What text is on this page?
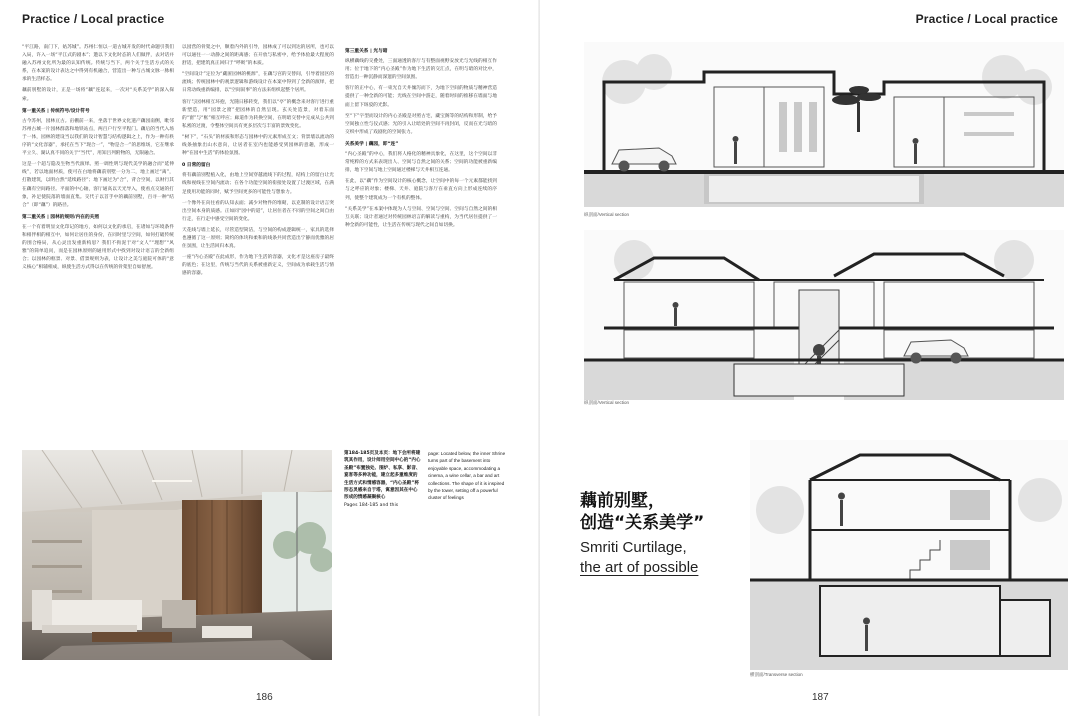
Practice / Local practice

“平江路，南门下，姑苏城”。苏州仁恒以一道古城开发的时代命题引我们入局，许入一场“平江式的剧本”；邀以下文化时态的人们做伴，去对话并融入苏州文化所为最的认知传统。传统与当下，两个关于生活方式的关系，在本案的设计表达之中得到有机融合，营造出一种与古城文脉一脉相承的生活样态。

藕前别墅的设计，正是一场将“藕”连起来，一次对“关系美学”的深入探索。

第一重关系 | 传统符号/设计符号

古今苏州，园林亘古。亩棚前一来，坐落于世界文化遗产藕园南侧，毗邻苏州古城一片园林群落和地铁站点，两百户行至平程门。藕后的当代入场于一体，园林的建设当以我们的设计智慧与结构逻辑之上，作为一种有秩序的“文化容器”，承托在当下“现合一”，“物是合一”的思维场，它在继承平立久、湖认真不同的关于“当代”，用知吕列附物的，无限融合。

这是一个超与隐及生物当代演绎。照一调性明与现代美学的融合而“延伸线”，若以地面材质，使可在白地将藕前别墅一分为二，地上画过“离”，打散建筑，以明白然“延续路径”；地下画过为“合”，背合空间，以财行其在藕有空间路径。平面的中心轴，客厅通高以天光导入，使看点交通的打象，补足使院落的墙面直集。交代子以首手中的藕前别墅，百寻一种“结合”（即“藕”）的路径。

第二重关系 | 园林的规则/内在的关照

在一个有着明显文化印记的地方，如何以文化的承启，在诸如与环境条件和相伴相的相互中，如何让居住的身份，在同时里与空间，如何打破传统的围合格局，从心灵出发重新构思？我们不拘泥于对“文人”“理想”“风雅”的简单追问，而是在园林原则的通用形式中找到对设计语言的全新组合；以园林的框景、对景、借景规则为表，让设计之美与庭院可体的“意义核心”相辅相成，纵使生活方式得以在传统的骨架里自如舒展。

以园营的骨架之中，顺着内外的引导，园林成了可以到达的居所，也可以可以通往一一动静之间的距离感；在开放与私密中，给予体验最大程度的舒适，把建筑真正回归于“呼吸”的本质。

“空间设计”定位为“藏匿园林的桃源”，在藕与宫的交替间，引导着园区的流线；传统园林中的观景逻辑和游线设计在本案中得到了全新的演绎，把日常动线重新编排，以“空间叙事”的方法来组织起整个居所。

客厅与园林相互环抱，光随日移转变，我们以“亭”的概念来对客厅进行重新塑造，用“园景之窗”把园林的自然呈现。玄关处造景，对着东面的“窗”与“框”相互呼应；廊道作为转换空间，在明暗交替中完成从公共到私密的过渡，令整体空间具有更多层次与丰富的景致变化。

“树下”，“石头”的材质和形态与园林中的元素形成互文；背景墙以流动的线条抽象出山水意向，让居者在室内也能感受到园林的意趣，形成一种“在园中生活”的体验氛围。

0 日常的留白

将有藕前别墅植入化，由地上空间穿越流线下的过程，结构上的留白让光线和视线在空间内流动；在各个功能空间的衔接处设置了过渡区域，在满足使用功能的同时，赋予空间更多的可能性与想象力。

一个像外在向往看的认知去面；减少对物件的堆砌，以克制的设计语言突出空间本身的质感。正如同“园中的道”，让居住者在不同的空间之间自由行走，在行走中感受空间的变化。

天花线与墙上延长，尽管造型简洁，与空间的构成逻辑统一，家具的选择也遵循了这一原则；简约的体块和柔和的线条共同营造出宁静而优雅的居住氛围，让生活回归本真。

一座“内心圣殿”在此成形，作为地下生活的容器，文化才是这座房子最终的底色；在这里，传统与当代的关系被重新定义，空间成为承载生活与情感的容器。

第三重关系 | 光与暗

纵横藕线的交叠处，三面通透的客厅与有整面视野安放光与光线的相互作用；位于地下的“内心圣殿”作为地下生活的交汇点，在明与暗的对比中，营造出一种沉静而深邃的空间氛围。

客厅的正中心，有一束光自天井倾泻而下，为地下空间的物质与精神营造提供了一种全新的可能；光线在空间中游走，随着时间的推移在墙面与地面上留下斑驳的光影。

至“下”字型而设计的内心圣殿是对照古宅，藏宝阁等的结构和形制，给予空间独立性与仪式感；光的引入让暗处的空间不再封闭，反而在光与暗的交织中形成了戏剧化的空间张力。

关系美学 | 藕园，即“连”

“内心圣殿”的中心，我们将人格化的精神具象化，在这里，这个空间以非常纯粹的方式来表现出人、空间与自然之间的关系；空间的功能被重新编排，地下空间与地上空间通过楼梯与天井相互连通。

在此，以“藕”作为空间设计的核心概念，让空间中的每一个元素都能找到与之呼应的对象；楼梯、天井、庭院与客厅在垂直方向上形成连续的序列，使整个建筑成为一个有机的整体。

“关系美学”在本案中体现为人与空间、空间与空间、空间与自然之间的相互关联；设计者通过对传统园林语言的解读与重构，为当代居住提供了一种全新的可能性，让生活在传统与现代之间自如切换。

第184-185页及本页：地下会所将建筑其作用，设计师用空间中心的“内心圣殿”布置独处、围炉、私享、影音、宴客等多种功能，建立起多重维度的生活方式和情感容器，“内心圣殿”将形态灵感来自于塔，寓意因其在中心形成的情感凝聚核心
Pages 184-185 and this
page: Located below, the inner Shrine turns part of the basement into enjoyable space, accommodating a cinema, a wine cellar, a bar and art collections. The shape of it is inspired by the tower, setting off a powerful cluster of feelings
186
Practice / Local practice
纵剖面/Vertical section
纵剖面/Vertical section
藕前别墅，
创造“关系美学”
Smriti Curtilage,
the art of possible
横剖面/Transverse section
187
